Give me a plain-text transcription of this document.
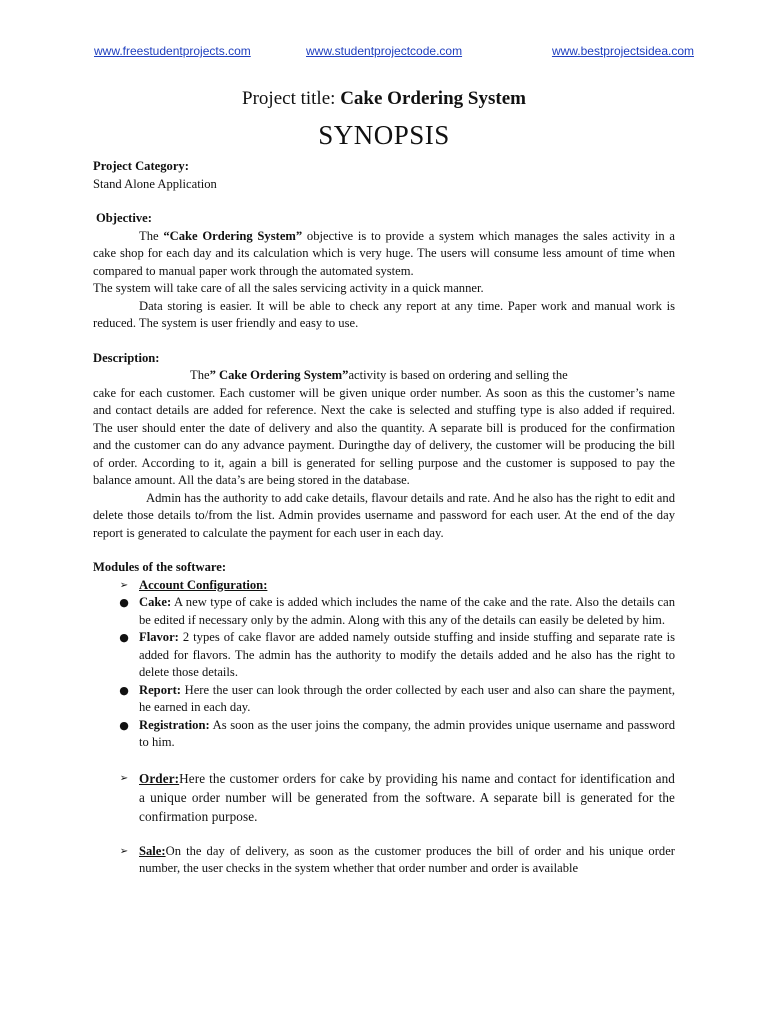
www.freestudentprojects.com	www.studentprojectcode.com	www.bestprojectsidea.com
Project title: Cake Ordering System
SYNOPSIS

Project Category:

Stand Alone Application

Objective:

The “Cake Ordering System” objective is to provide a system which manages the sales activity in a cake shop for each day and its calculation which is very huge. The users will consume less amount of time when compared to manual paper work through the automated system.

The system will take care of all the sales servicing activity in a quick manner.

Data storing is easier. It will be able to check any report at any time. Paper work and manual work is reduced. The system is user friendly and easy to use.

Description:

The” Cake Ordering System”activity is based on ordering and selling the

cake for each customer. Each customer will be given unique order number. As soon as this the customer’s name and contact details are added for reference. Next the cake is selected and stuffing type is also added if required. The user should enter the date of delivery and also the quantity. A separate bill is produced for the confirmation and the customer can do any advance payment. Duringthe day of delivery, the customer will be producing the bill of order. According to it, again a bill is generated for selling purpose and the customer is supposed to pay the balance amount. All the data’s are being stored in the database.

Admin has the authority to add cake details, flavour details and rate. And he also has the right to edit and delete those details to/from the list. Admin provides username and password for each user. At the end of the day report is generated to calculate the payment for each user in each day.

Modules of the software:

➢ Account Configuration:
● Cake: A new type of cake is added which includes the name of the cake and the rate. Also the details can be edited if necessary only by the admin. Along with this any of the details can easily be deleted by him.
● Flavor: 2 types of cake flavor are added namely outside stuffing and inside stuffing and separate rate is added for flavors. The admin has the authority to modify the details added and he also has the right to delete those details.
● Report: Here the user can look through the order collected by each user and also can share the payment, he earned in each day.
● Registration: As soon as the user joins the company, the admin provides unique username and password to him.
➢ Order:Here the customer orders for cake by providing his name and contact for identification and a unique order number will be generated from the software. A separate bill is generated for the confirmation purpose.
➢ Sale:On the day of delivery, as soon as the customer produces the bill of order and his unique order number, the user checks in the system whether that order number and order is available
